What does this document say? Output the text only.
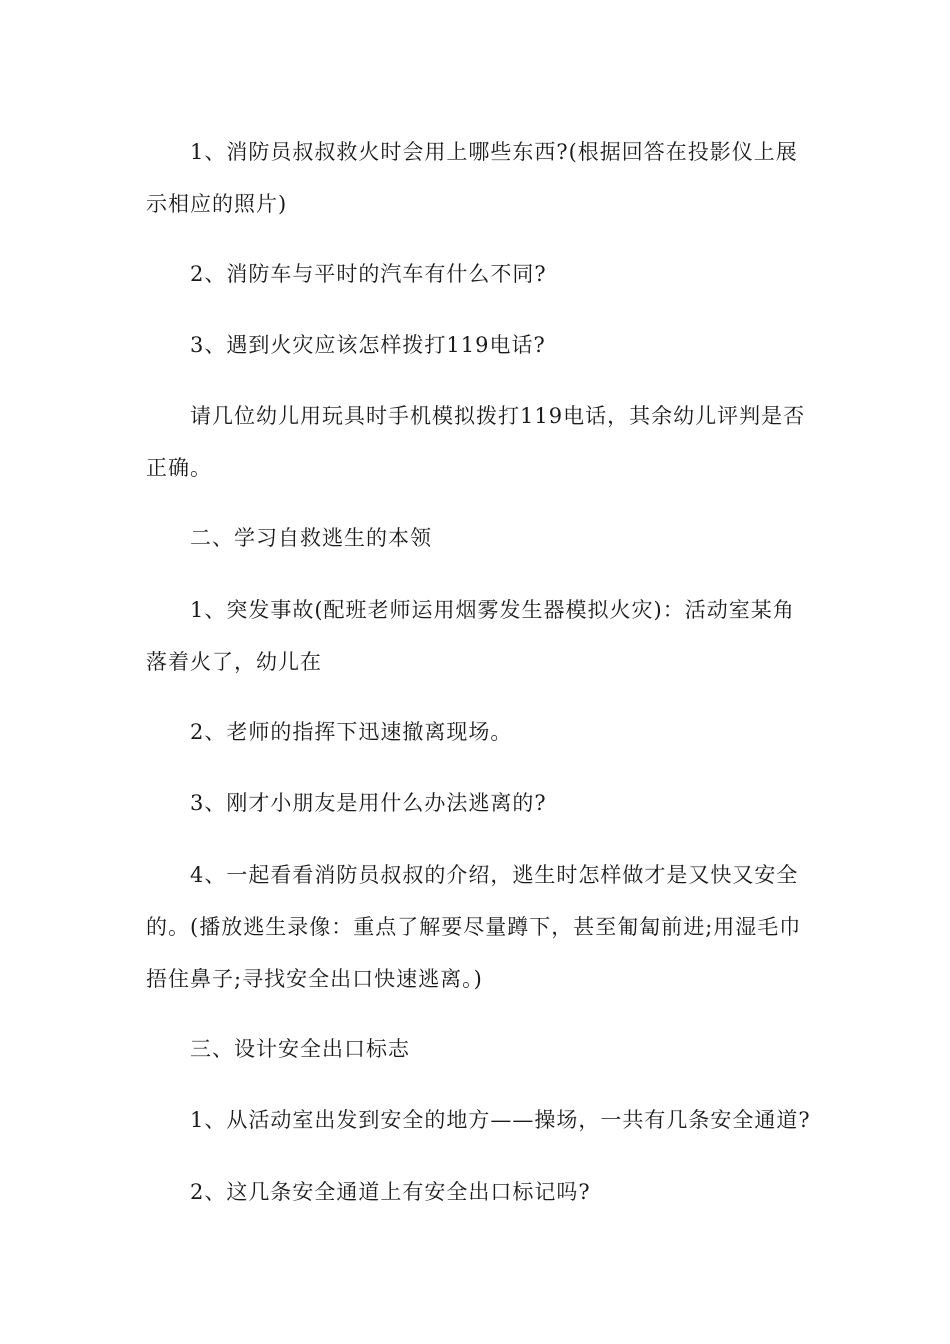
1、消防员叔叔救火时会用上哪些东西?(根据回答在投影仪上展示相应的照片)

2、消防车与平时的汽车有什么不同?

3、遇到火灾应该怎样拨打119电话?

请几位幼儿用玩具时手机模拟拨打119电话，其余幼儿评判是否正确。

二、学习自救逃生的本领

1、突发事故(配班老师运用烟雾发生器模拟火灾)：活动室某角落着火了，幼儿在

2、老师的指挥下迅速撤离现场。

3、刚才小朋友是用什么办法逃离的?

4、一起看看消防员叔叔的介绍，逃生时怎样做才是又快又安全的。(播放逃生录像：重点了解要尽量蹲下，甚至匍匐前进;用湿毛巾捂住鼻子;寻找安全出口快速逃离。)

三、设计安全出口标志

1、从活动室出发到安全的地方——操场，一共有几条安全通道?

2、这几条安全通道上有安全出口标记吗?
